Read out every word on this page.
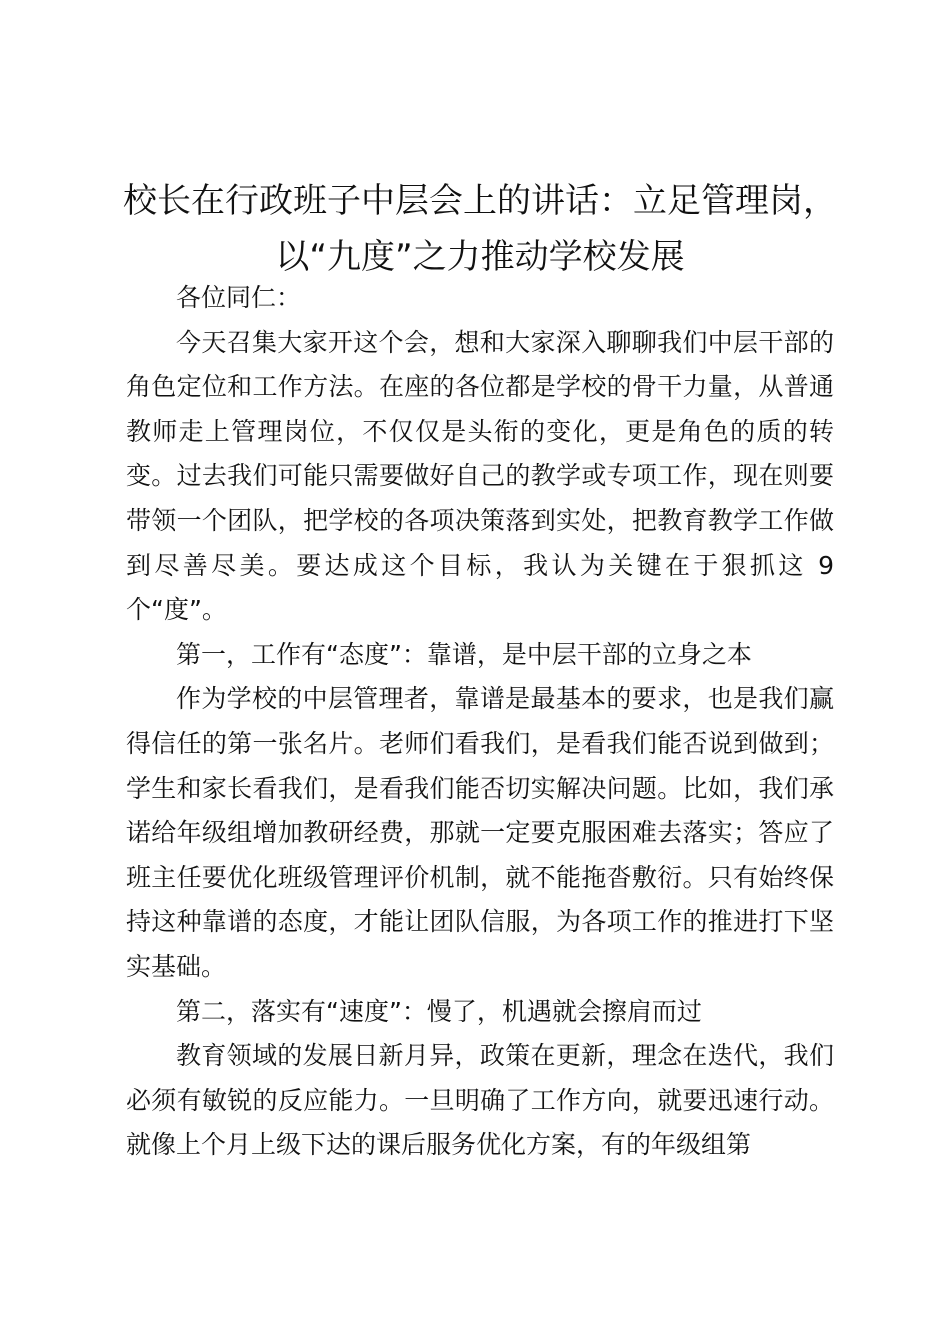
校长在行政班子中层会上的讲话：立足管理岗，
以“九度”之力推动学校发展

各位同仁：

今天召集大家开这个会，想和大家深入聊聊我们中层干部的角色定位和工作方法。在座的各位都是学校的骨干力量，从普通教师走上管理岗位，不仅仅是头衔的变化，更是角色的质的转变。过去我们可能只需要做好自己的教学或专项工作，现在则要带领一个团队，把学校的各项决策落到实处，把教育教学工作做到尽善尽美。要达成这个目标，我认为关键在于狠抓这 9 个“度”。

第一，工作有“态度”：靠谱，是中层干部的立身之本

作为学校的中层管理者，靠谱是最基本的要求，也是我们赢得信任的第一张名片。老师们看我们，是看我们能否说到做到；学生和家长看我们，是看我们能否切实解决问题。比如，我们承诺给年级组增加教研经费，那就一定要克服困难去落实；答应了班主任要优化班级管理评价机制，就不能拖沓敷衍。只有始终保持这种靠谱的态度，才能让团队信服，为各项工作的推进打下坚实基础。

第二，落实有“速度”：慢了，机遇就会擦肩而过

教育领域的发展日新月异，政策在更新，理念在迭代，我们必须有敏锐的反应能力。一旦明确了工作方向，就要迅速行动。就像上个月上级下达的课后服务优化方案，有的年级组第
